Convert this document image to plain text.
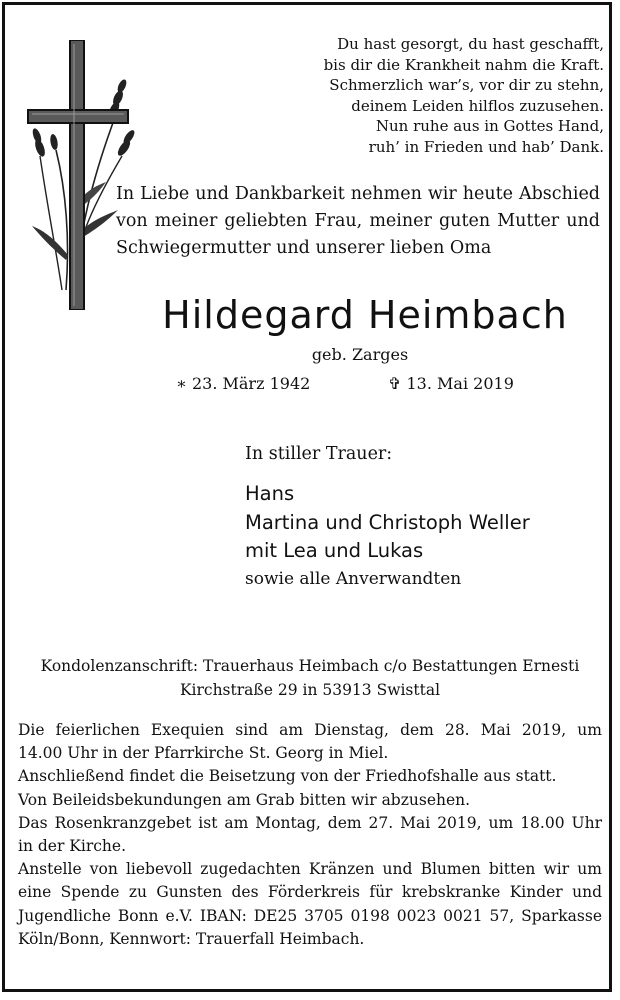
Du hast gesorgt, du hast geschafft,
bis dir die Krankheit nahm die Kraft.
Schmerzlich war’s, vor dir zu stehn,
deinem Leiden hilflos zuzusehen.
Nun ruhe aus in Gottes Hand,
ruh’ in Frieden und hab’ Dank.
In Liebe und Dankbarkeit nehmen wir heute Abschied
von meiner geliebten Frau, meiner guten Mutter und
Schwiegermutter und unserer lieben Oma
Hildegard Heimbach
geb. Zarges
∗ 23. März 1942	✞ 13. Mai 2019
In stiller Trauer:
Hans
Martina und Christoph Weller
mit Lea und Lukas
sowie alle Anverwandten
Kondolenzanschrift: Trauerhaus Heimbach c/o Bestattungen Ernesti
Kirchstraße 29 in 53913 Swisttal
Die feierlichen Exequien sind am Dienstag, dem 28. Mai 2019, um
14.00 Uhr in der Pfarrkirche St. Georg in Miel.
Anschließend findet die Beisetzung von der Friedhofshalle aus statt.
Von Beileidsbekundungen am Grab bitten wir abzusehen.
Das Rosenkranzgebet ist am Montag, dem 27. Mai 2019, um 18.00 Uhr
in der Kirche.
Anstelle von liebevoll zugedachten Kränzen und Blumen bitten wir um
eine Spende zu Gunsten des Förderkreis für krebskranke Kinder und
Jugendliche Bonn e.V. IBAN: DE25 3705 0198 0023 0021 57, Sparkasse
Köln/Bonn, Kennwort: Trauerfall Heimbach.
